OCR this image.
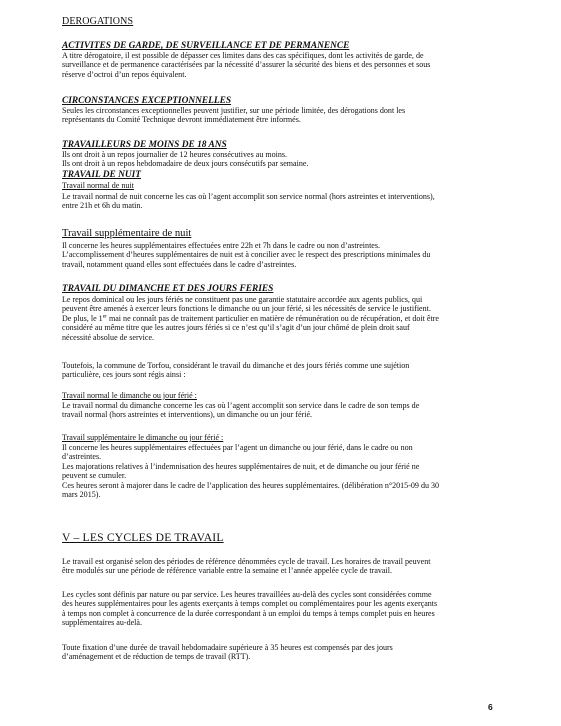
DEROGATIONS
ACTIVITES DE GARDE, DE SURVEILLANCE ET DE PERMANENCE
A titre dérogatoire, il est possible de dépasser ces limites dans des cas spécifiques, dont les activités de garde, de
surveillance et de permanence caractérisées par la nécessité d’assurer la sécurité des biens et des personnes et sous
réserve d’octroi d’un repos équivalent.
CIRCONSTANCES EXCEPTIONNELLES
Seules les circonstances exceptionnelles peuvent justifier, sur une période limitée, des dérogations dont les
représentants du Comité Technique devront immédiatement être informés.
TRAVAILLEURS DE MOINS DE 18 ANS
Ils ont droit à un repos journalier de 12 heures consécutives au moins.
Ils ont droit à un repos hebdomadaire de deux jours consécutifs par semaine.
TRAVAIL DE NUIT
Travail normal de nuit
Le travail normal de nuit concerne les cas où l’agent accomplit son service normal (hors astreintes et interventions),
entre 21h et 6h du matin.
Travail supplémentaire de nuit
Il concerne les heures supplémentaires effectuées entre 22h et 7h dans le cadre ou non d’astreintes.
L’accomplissement d’heures supplémentaires de nuit est à concilier avec le respect des prescriptions minimales du
travail, notamment quand elles sont effectuées dans le cadre d’astreintes.
TRAVAIL DU DIMANCHE ET DES JOURS FERIES
Le repos dominical ou les jours fériés ne constituent pas une garantie statutaire accordée aux agents publics, qui
peuvent être amenés à exercer leurs fonctions le dimanche ou un jour férié, si les nécessités de service le justifient.
De plus, le 1er mai ne connaît pas de traitement particulier en matière de rémunération ou de récupération, et doit être
considéré au même titre que les autres jours fériés si ce n’est qu’il s’agit d’un jour chômé de plein droit sauf
nécessité absolue de service.
Toutefois, la commune de Torfou, considérant le travail du dimanche et des jours fériés comme une sujétion
particulière, ces jours sont régis ainsi :
Travail normal le dimanche ou jour férié :
Le travail normal du dimanche concerne les cas où l’agent accomplit son service dans le cadre de son temps de
travail normal (hors astreintes et interventions), un dimanche ou un jour férié.
Travail supplémentaire le dimanche ou jour férié :
Il concerne les heures supplémentaires effectuées par l’agent un dimanche ou jour férié, dans le cadre ou non
d’astreintes.
Les majorations relatives à l’indemnisation des heures supplémentaires de nuit, et de dimanche ou jour férié ne
peuvent se cumuler.
Ces heures seront à majorer dans le cadre de l’application des heures supplémentaires. (délibération n°2015-09 du 30
mars 2015).
V – LES CYCLES DE TRAVAIL
Le travail est organisé selon des périodes de référence dénommées cycle de travail. Les horaires de travail peuvent
être modulés sur une période de référence variable entre la semaine et l’année appelée cycle de travail.
Les cycles sont définis par nature ou par service. Les heures travaillées au-delà des cycles sont considérées comme
des heures supplémentaires pour les agents exerçants à temps complet ou complémentaires pour les agents exerçants
à temps non complet à concurrence de la durée correspondant à un emploi du temps à temps complet puis en heures
supplémentaires au-delà.
Toute fixation d’une durée de travail hebdomadaire supérieure à 35 heures est compensés par des jours
d’aménagement et de réduction de temps de travail (RTT).
6
